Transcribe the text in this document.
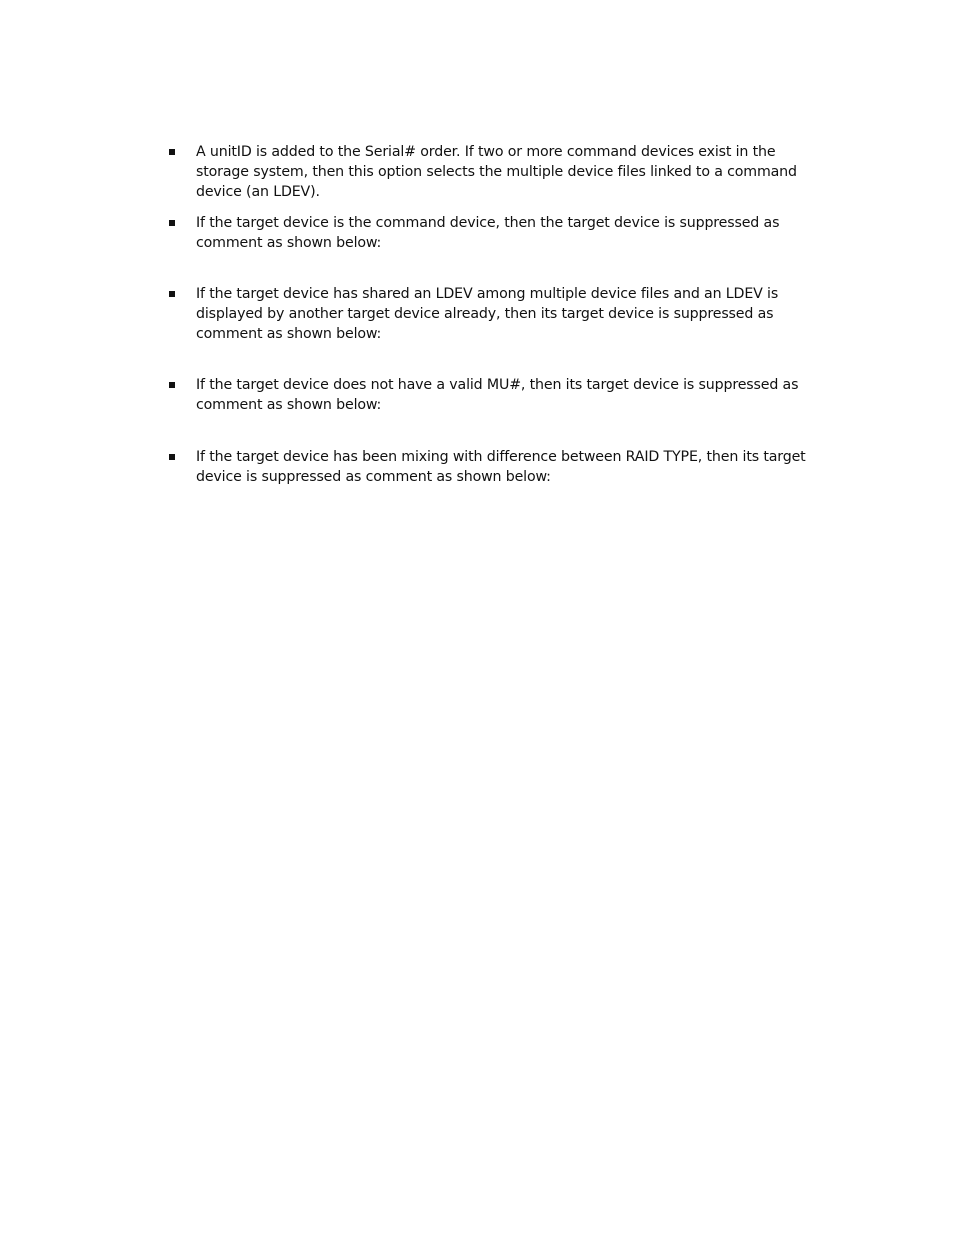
A unitID is added to the Serial# order. If two or more command devices exist in the storage system, then this option selects the multiple device files linked to a command device (an LDEV).
If the target device is the command device, then the target device is suppressed as comment as shown below:
If the target device has shared an LDEV among multiple device files and an LDEV is displayed by another target device already, then its target device is suppressed as comment as shown below:
If the target device does not have a valid MU#, then its target device is suppressed as comment as shown below:
If the target device has been mixing with difference between RAID TYPE, then its target device is suppressed as comment as shown below:
